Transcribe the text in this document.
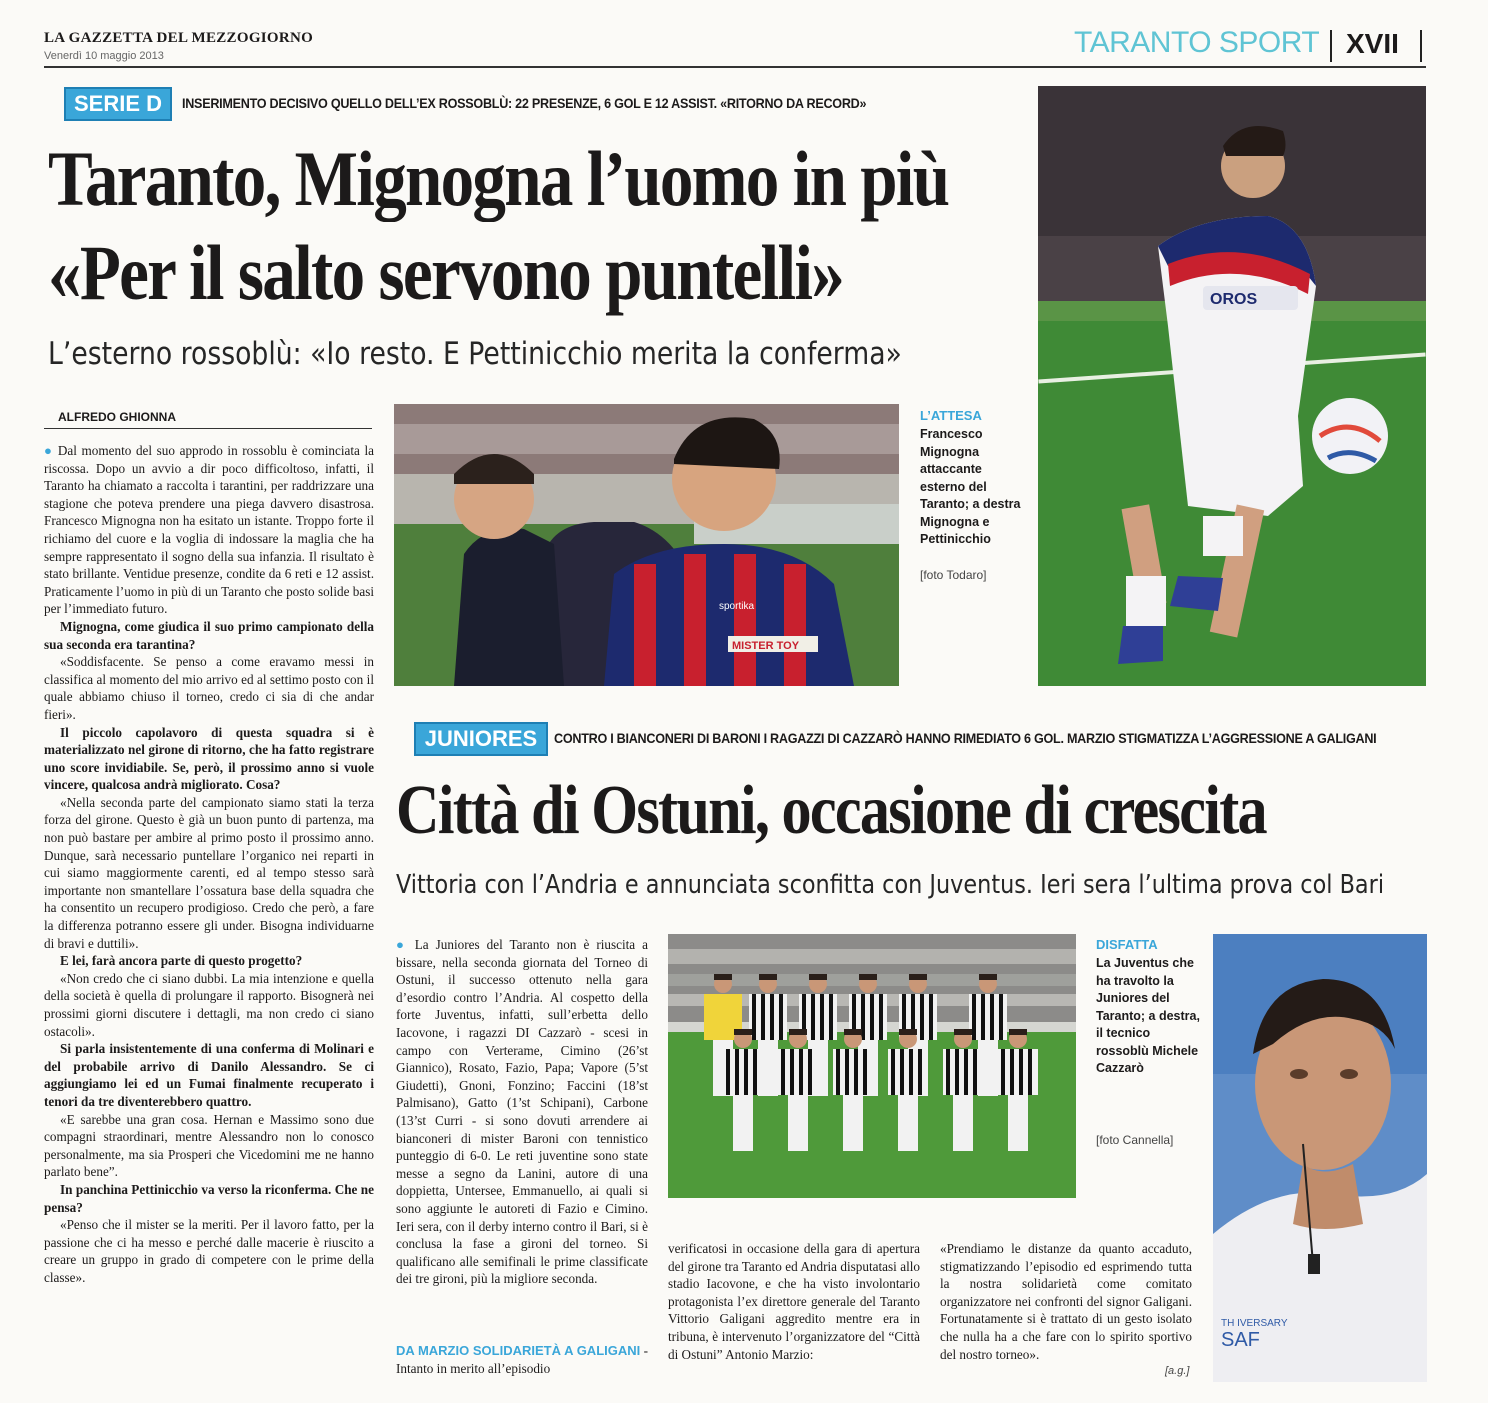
LA GAZZETTA DEL MEZZOGIORNO
Venerdì 10 maggio 2013	TARANTO SPORT XVII
SERIE D	INSERIMENTO DECISIVO QUELLO DELL’EX ROSSOBLÙ: 22 PRESENZE, 6 GOL E 12 ASSIST. «RITORNO DA RECORD»
Taranto, Mignogna l’uomo in più
«Per il salto servono puntelli»
L’esterno rossoblù: «Io resto. E Pettinicchio merita la conferma»
ALFREDO GHIONNA

● Dal momento del suo approdo in rossoblu è cominciata la riscossa. Dopo un avvio a dir poco difficoltoso, infatti, il Taranto ha chiamato a raccolta i tarantini, per raddrizzare una stagione che poteva prendere una piega davvero disastrosa. Francesco Mignogna non ha esitato un istante. Troppo forte il richiamo del cuore e la voglia di indossare la maglia che ha sempre rappresentato il sogno della sua infanzia. Il risultato è stato brillante. Ventidue presenze, condite da 6 reti e 12 assist. Praticamente l’uomo in più di un Taranto che posto solide basi per l’immediato futuro.

Mignogna, come giudica il suo primo campionato della sua seconda era tarantina?

«Soddisfacente. Se penso a come eravamo messi in classifica al momento del mio arrivo ed al settimo posto con il quale abbiamo chiuso il torneo, credo ci sia di che andar fieri».

Il piccolo capolavoro di questa squadra si è materializzato nel girone di ritorno, che ha fatto registrare uno score invidiabile. Se, però, il prossimo anno si vuole vincere, qualcosa andrà migliorato. Cosa?

«Nella seconda parte del campionato siamo stati la terza forza del girone. Questo è già un buon punto di partenza, ma non può bastare per ambire al primo posto il prossimo anno. Dunque, sarà necessario puntellare l’organico nei reparti in cui siamo maggiormente carenti, ed al tempo stesso sarà importante non smantellare l’ossatura base della squadra che ha consentito un recupero prodigioso. Credo che però, a fare la differenza potranno essere gli under. Bisogna individuarne di bravi e duttili».

E lei, farà ancora parte di questo progetto?

«Non credo che ci siano dubbi. La mia intenzione e quella della società è quella di prolungare il rapporto. Bisognerà nei prossimi giorni discutere i dettagli, ma non credo ci siano ostacoli».

Si parla insistentemente di una conferma di Molinari e del probabile arrivo di Danilo Alessandro. Se ci aggiungiamo lei ed un Fumai finalmente recuperato i tenori da tre diventerebbero quattro.

«E sarebbe una gran cosa. Hernan e Massimo sono due compagni straordinari, mentre Alessandro non lo conosco personalmente, ma sia Prosperi che Vicedomini me ne hanno parlato bene”.

In panchina Pettinicchio va verso la riconferma. Che ne pensa?

«Penso che il mister se la meriti. Per il lavoro fatto, per la passione che ci ha messo e perché dalle macerie è riuscito a creare un gruppo in grado di competere con le prime della classe».

MISTER TOY
sportika
L’ATTESA
Francesco Mignogna attaccante esterno del Taranto; a destra Mignogna e Pettinicchio
[foto Todaro]
OROS
JUNIORES	CONTRO I BIANCONERI DI BARONI I RAGAZZI DI CAZZARÒ HANNO RIMEDIATO 6 GOL. MARZIO STIGMATIZZA L’AGGRESSIONE A GALIGANI
Città di Ostuni, occasione di crescita
Vittoria con l’Andria e annunciata sconfitta con Juventus. Ieri sera l’ultima prova col Bari

● La Juniores del Taranto non è riuscita a bissare, nella seconda giornata del Torneo di Ostuni, il successo ottenuto nella gara d’esordio contro l’Andria. Al cospetto della forte Juventus, infatti, sull’erbetta dello Iacovone, i ragazzi DI Cazzarò - scesi in campo con Verterame, Cimino (26’st Giannico), Rosato, Fazio, Papa; Vapore (5’st Giudetti), Gnoni, Fonzino; Faccini (18’st Palmisano), Gatto (1’st Schipani), Carbone (13’st Curri - si sono dovuti arrendere ai bianconeri di mister Baroni con tennistico punteggio di 6-0. Le reti juventine sono state messe a segno da Lanini, autore di una doppietta, Untersee, Emmanuello, ai quali si sono aggiunte le autoreti di Fazio e Cimino. Ieri sera, con il derby interno contro il Bari, si è conclusa la fase a gironi del torneo. Si qualificano alle semifinali le prime classificate dei tre gironi, più la migliore seconda.

DA MARZIO SOLIDARIETÀ A GALIGANI -Intanto in merito all’episodio

DISFATTA
La Juventus che ha travolto la Juniores del Taranto; a destra, il tecnico rossoblù Michele Cazzarò
[foto Cannella]
TH IVERSARY
SAF
verificatosi in occasione della gara di apertura del girone tra Taranto ed Andria disputatasi allo stadio Iacovone, e che ha visto involontario protagonista l’ex direttore generale del Taranto Vittorio Galigani aggredito mentre era in tribuna, è intervenuto l’organizzatore del “Città di Ostuni” Antonio Marzio:
«Prendiamo le distanze da quanto accaduto, stigmatizzando l’episodio ed esprimendo tutta la nostra solidarietà come comitato organizzatore nei confronti del signor Galigani. Fortunatamente si è trattato di un gesto isolato che nulla ha a che fare con lo spirito sportivo del nostro torneo».
[a.g.]
